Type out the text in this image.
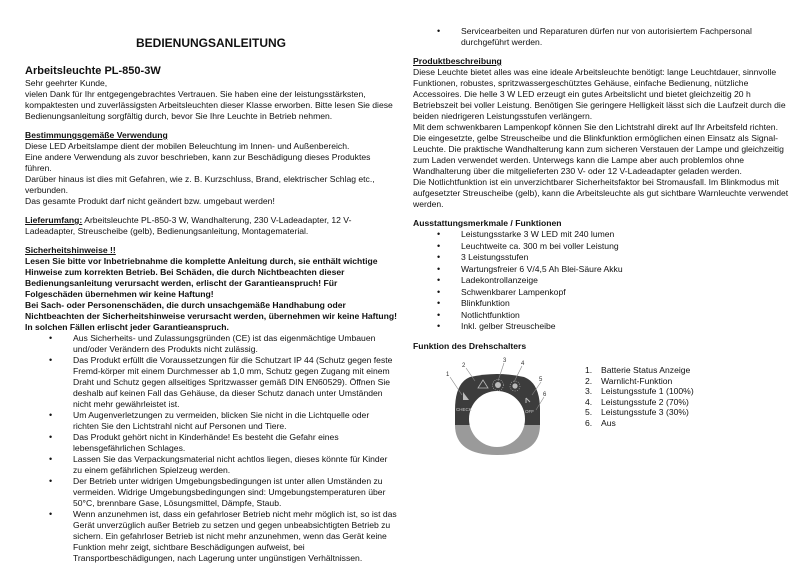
BEDIENUNGSANLEITUNG
Arbeitsleuchte PL-850-3W

Sehr geehrter Kunde,

vielen Dank für Ihr entgegengebrachtes Vertrauen. Sie haben eine der leistungsstärksten, kompaktesten und zuverlässigsten Arbeitsleuchten dieser Klasse erworben. Bitte lesen Sie diese Bedienungsanleitung sorgfältig durch, bevor Sie Ihre Leuchte in Betrieb nehmen.

Bestimmungsgemäße Verwendung

Diese LED Arbeitslampe dient der mobilen Beleuchtung im Innen- und Außenbereich.

Eine andere Verwendung als zuvor beschrieben, kann zur Beschädigung dieses Produktes führen.

Darüber hinaus ist dies mit Gefahren, wie z. B. Kurzschluss, Brand, elektrischer Schlag etc., verbunden.

Das gesamte Produkt darf nicht geändert bzw. umgebaut werden!

Lieferumfang: Arbeitsleuchte PL-850-3 W, Wandhalterung, 230 V-Ladeadapter, 12 V-Ladeadapter, Streuscheibe (gelb), Bedienungsanleitung, Montagematerial.

Sicherheitshinweise !!

Lesen Sie bitte vor Inbetriebnahme die komplette Anleitung durch, sie enthält wichtige Hinweise zum korrekten Betrieb. Bei Schäden, die durch Nichtbeachten dieser Bedienungsanleitung verursacht werden, erlischt der Garantieanspruch! Für Folgeschäden übernehmen wir keine Haftung!

Bei Sach- oder Personenschäden, die durch unsachgemäße Handhabung oder Nichtbeachten der Sicherheitshinweise verursacht werden, übernehmen wir keine Haftung! In solchen Fällen erlischt jeder Garantieanspruch.

• Aus Sicherheits- und Zulassungsgründen (CE) ist das eigenmächtige Umbauen und/oder Verändern des Produkts nicht zulässig.
• Das Produkt erfüllt die Voraussetzungen für die Schutzart IP 44 (Schutz gegen feste Fremd-körper mit einem Durchmesser ab 1,0 mm, Schutz gegen Zugang mit einem Draht und Schutz gegen allseitiges Spritzwasser gemäß DIN EN60529). Öffnen Sie deshalb auf keinen Fall das Gehäuse, da dieser Schutz danach unter Umständen nicht mehr gewährleistet ist.
• Um Augenverletzungen zu vermeiden, blicken Sie nicht in die Lichtquelle oder richten Sie den Lichtstrahl nicht auf Personen und Tiere.
• Das Produkt gehört nicht in Kinderhände! Es besteht die Gefahr eines lebensgefährlichen Schlages.
• Lassen Sie das Verpackungsmaterial nicht achtlos liegen, dieses könnte für Kinder zu einem gefährlichen Spielzeug werden.
• Der Betrieb unter widrigen Umgebungsbedingungen ist unter allen Umständen zu vermeiden. Widrige Umgebungsbedingungen sind: Umgebungstemperaturen über 50°C, brennbare Gase, Lösungsmittel, Dämpfe, Staub.
• Wenn anzunehmen ist, dass ein gefahrloser Betrieb nicht mehr möglich ist, so ist das Gerät unverzüglich außer Betrieb zu setzen und gegen unbeabsichtigten Betrieb zu sichern. Ein gefahrloser Betrieb ist nicht mehr anzunehmen, wenn das Gerät keine Funktion mehr zeigt, sichtbare Beschädigungen aufweist, bei Transportbeschädigungen, nach Lagerung unter ungünstigen Verhältnissen.
• Servicearbeiten und Reparaturen dürfen nur von autorisiertem Fachpersonal durchgeführt werden.
Produktbeschreibung

Diese Leuchte bietet alles was eine ideale Arbeitsleuchte benötigt: lange Leuchtdauer, sinnvolle Funktionen, robustes, spritzwassergeschütztes Gehäuse, einfache Bedienung, nützliche Accessoires. Die helle 3 W LED erzeugt ein gutes Arbeitslicht und bietet gleichzeitig 20 h Betriebszeit bei voller Leistung. Benötigen Sie geringere Helligkeit lässt sich die Laufzeit durch die beiden niedrigeren Leistungsstufen verlängern.

Mit dem schwenkbaren Lampenkopf können Sie den Lichtstrahl direkt auf Ihr Arbeitsfeld richten. Die eingesetzte, gelbe Streuscheibe und die Blinkfunktion ermöglichen einen Einsatz als Signal-Leuchte. Die praktische Wandhalterung kann zum sicheren Verstauen der Lampe und gleichzeitig zum Laden verwendet werden. Unterwegs kann die Lampe aber auch problemlos ohne Wandhalterung über die mitgelieferten 230 V- oder 12 V-Ladeadapter geladen werden.

Die Notlichtfunktion ist ein unverzichtbarer Sicherheitsfaktor bei Stromausfall. Im Blinkmodus mit aufgesetzter Streuscheibe (gelb), kann die Arbeitsleuchte als gut sichtbare Warnleuchte verwendet werden.

Ausstattungsmerkmale / Funktionen
• Leistungsstarke 3 W LED mit 240 lumen
• Leuchtweite ca. 300 m bei voller Leistung
• 3 Leistungsstufen
• Wartungsfreier 6 V/4,5 Ah Blei-Säure Akku
• Ladekontrollanzeige
• Schwenkbarer Lampenkopf
• Blinkfunktion
• Notlichtfunktion
• Inkl. gelber Streuscheibe
Funktion des Drehschalters
1
2
3 4
5
6
CHECK	OFF
1.	Batterie Status Anzeige
2.	Warnlicht-Funktion
3.	Leistungsstufe 1 (100%)
4.	Leistungsstufe 2 (70%)
5.	Leistungsstufe 3 (30%)
6.	Aus
